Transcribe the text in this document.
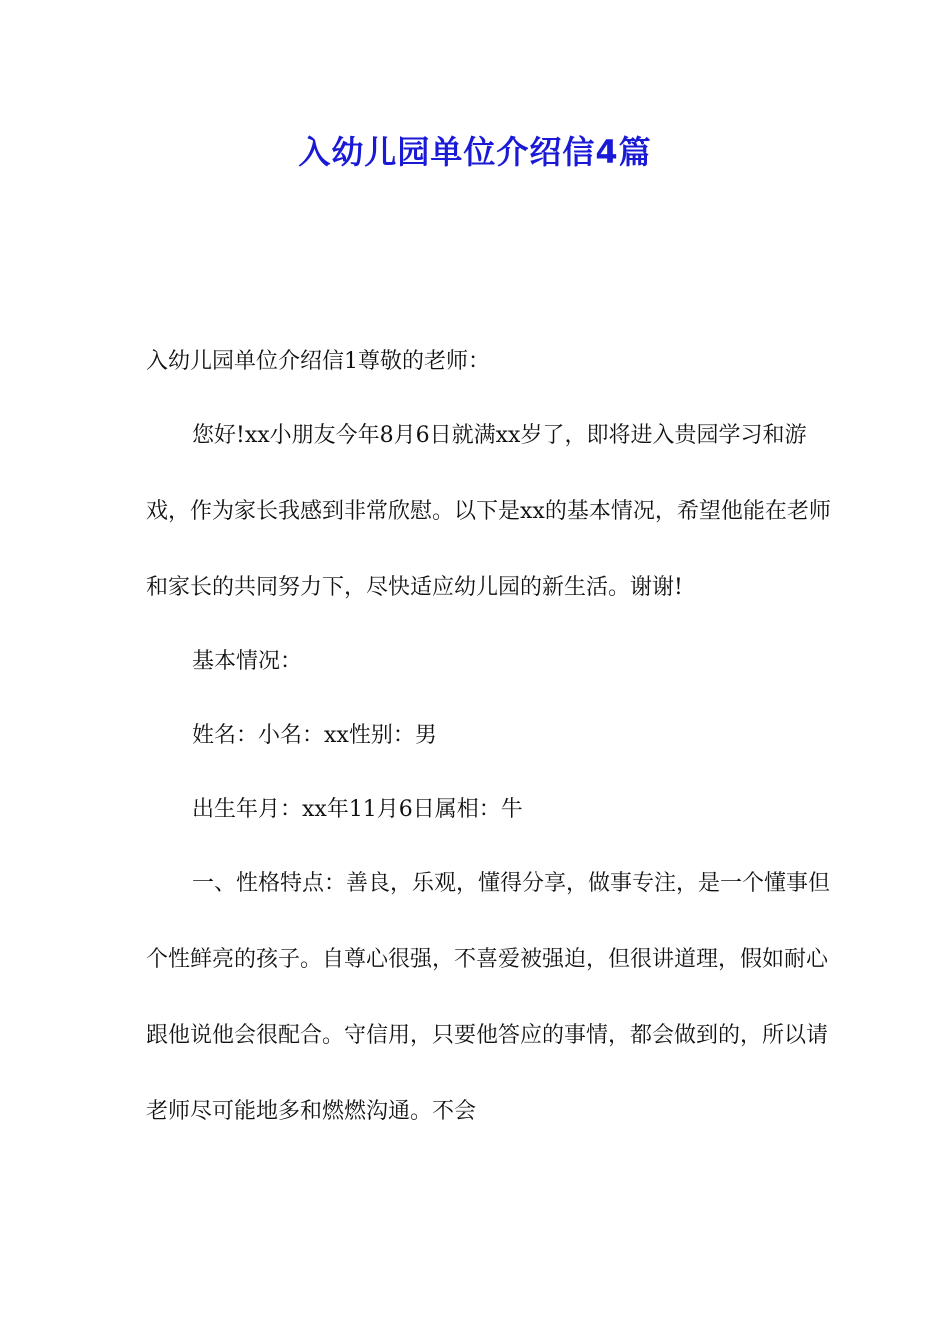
入幼儿园单位介绍信4篇

入幼儿园单位介绍信1尊敬的老师：

您好!xx小朋友今年8月6日就满xx岁了，即将进入贵园学习和游戏，作为家长我感到非常欣慰。以下是xx的基本情况，希望他能在老师和家长的共同努力下，尽快适应幼儿园的新生活。谢谢!

基本情况：

姓名：小名：xx性别：男

出生年月：xx年11月6日属相：牛

一、性格特点：善良，乐观，懂得分享，做事专注，是一个懂事但个性鲜亮的孩子。自尊心很强，不喜爱被强迫，但很讲道理，假如耐心跟他说他会很配合。守信用，只要他答应的事情，都会做到的，所以请老师尽可能地多和燃燃沟通。不会
